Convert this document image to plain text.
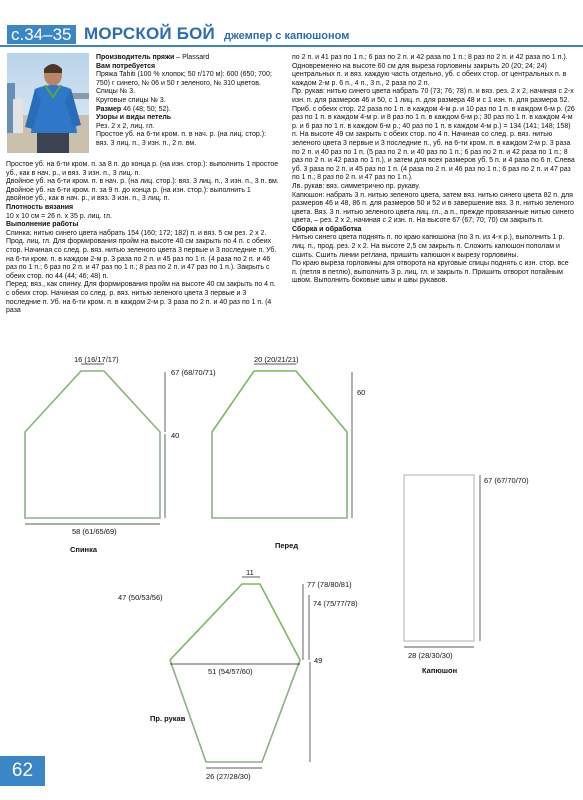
с.34–35 МОРСКОЙ БОЙ джемпер с капюшоном

Производитель пряжи – Plassard

Вам потребуется

Пряжа Tahiti (100 % хлопок; 50 г/170 м): 600 (650; 700; 750) г синего, № 06 и 50 г зеленого, № 310 цветов.

Спицы № 3.

Круговые спицы № 3.

Размер 46 (48; 50; 52).

Узоры и виды петель

Рез. 2 х 2, лиц. гл.

Простое уб. на 6-ти кром. п. в нач. р. (на лиц. стор.): вяз. 3 лиц. п., 3 изн. п., 2 п. вм.

Простое уб. на 6-ти кром. п. за 8 п. до конца р. (на изн. стор.): выполнить 1 простое уб., как в нач. р., и вяз. 3 изн. п., 3 лиц. п.

Двойное уб. на 6-ти кром. п. в нач. р. (на лиц. стор.): вяз. 3 лиц. п., 3 изн. п., 3 п. вм.

Двойное уб. на 6-ти кром. п. за 9 п. до конца р. (на изн. стор.): выполнить 1 двойное уб., как в нач. р., и вяз. 3 изн. п., 3 лиц. п.

Плотность вязания

10 х 10 см = 26 п. х 35 р. лиц. гл.

Выполнение работы

Спинка: нитью синего цвета набрать 154 (160; 172; 182) п. и вяз. 5 см рез. 2 х 2.

Прод. лиц. гл. Для формирования пройм на высоте 40 см закрыть по 4 п. с обеих стор. Начиная со след. р. вяз. нитью зеленого цвета 3 первые и 3 последние п. Уб. на 6-ти кром. п. в каждом 2-м р. 3 раза по 2 п. и 45 раз по 1 п. (4 раза по 2 п. и 46 раз по 1 п.; 6 раз по 2 п. и 47 раз по 1 п.; 8 раз по 2 п. и 47 раз по 1 п.). Закрыть с обеих стор. по 44 (44; 46; 48) п.

Перед: вяз., как спинку. Для формирования пройм на высоте 40 см закрыть по 4 п. с обеих стор. Начиная со след. р. вяз. нитью зеленого цвета 3 первые и 3 последние п. Уб. на 6-ти кром. п. в каждом 2-м р. 3 раза по 2 п. и 40 раз по 1 п. (4 раза

по 2 п. и 41 раз по 1 п.; 6 раз по 2 п. и 42 раза по 1 п.; 8 раз по 2 п. и 42 раза по 1 п.). Одновременно на высоте 60 см для выреза горловины закрыть 20 (20; 24; 24) центральных п. и вяз. каждую часть отдельно, уб. с обеих стор. от центральных п. в каждом 2-м р. 6 п., 4 п., 3 п., 2 раза по 2 п.

Пр. рукав: нитью синего цвета набрать 70 (73; 76; 78) п. и вяз. рез. 2 х 2, начиная с 2-х изн. п. для размеров 46 и 50, с 1 лиц. п. для размера 48 и с 1 изн. п. для размера 52. Приб. с обеих стор. 22 раза по 1 п. в каждом 4-м р. и 10 раз по 1 п. в каждом 6-м р. (26 раз по 1 п. в каждом 4-м р. и 8 раз по 1 п. в каждом 6-м р.; 30 раз по 1 п. в каждом 4-м р. и 6 раз по 1 п. в каждом 6-м р.; 40 раз по 1 п. в каждом 4-м р.) = 134 (141; 148; 158) п. На высоте 49 см закрыть с обеих стор. по 4 п. Начиная со след. р. вяз. нитью зеленого цвета 3 первые и 3 последние п., уб. на 6-ти кром. п. в каждом 2-м р. 3 раза по 2 п. и 40 раз по 1 п. (5 раз по 2 п. и 40 раз по 1 п.; 6 раз по 2 п. и 42 раза по 1 п.; 8 раз по 2 п. и 42 раза по 1 п.), и затем для всех размеров уб. 5 п. и 4 раза по 6 п. Слева уб. 3 раза по 2 п. и 45 раз по 1 п. (4 раза по 2 п. и 46 раз по 1 п.; 6 раз по 2 п. и 47 раз по 1 п.; 8 раз по 2 п. и 47 раз по 1 п.).

Лв. рукав: вяз. симметрично пр. рукаву.

Капюшон: набрать 3 п. нитью зеленого цвета, затем вяз. нитью синего цвета 82 п. для размеров 46 и 48, 86 п. для размеров 50 и 52 и в завершение вяз. 3 п. нитью зеленого цвета. Вяз. 3 п. нитью зеленого цвета лиц. гл., а п., прежде провязанные нитью синего цвета, – рез. 2 х 2, начиная с 2 изн. п. На высоте 67 (67; 70; 70) см закрыть п.

Сборка и обработка

Нитью синего цвета поднять п. по краю капюшона (по 3 п. из 4-х р.), выполнить 1 р. лиц. п., прод. рез. 2 х 2. На высоте 2,5 см закрыть п. Сложить капюшон пополам и сшить. Сшить линии реглана, пришить капюшон к вырезу горловины.

По краю выреза горловины для отворота на круговые спицы поднять с изн. стор. все п. (петля в петлю), выполнить 3 р. лиц. гл. и закрыть п. Пришить отворот потайным швом. Выполнить боковые швы и швы рукавов.

16 (16/17/17)
67 (68/70/71)
40
58 (61/65/69)
Спинка
20 (20/21/21)
60
Перед
67 (67/70/70)
28 (28/30/30)
Капюшон
11
47 (50/53/56)
77 (78/80/81)
74 (75/77/78)
51 (54/57/60)
49
26 (27/28/30)
Пр. рукав
62
